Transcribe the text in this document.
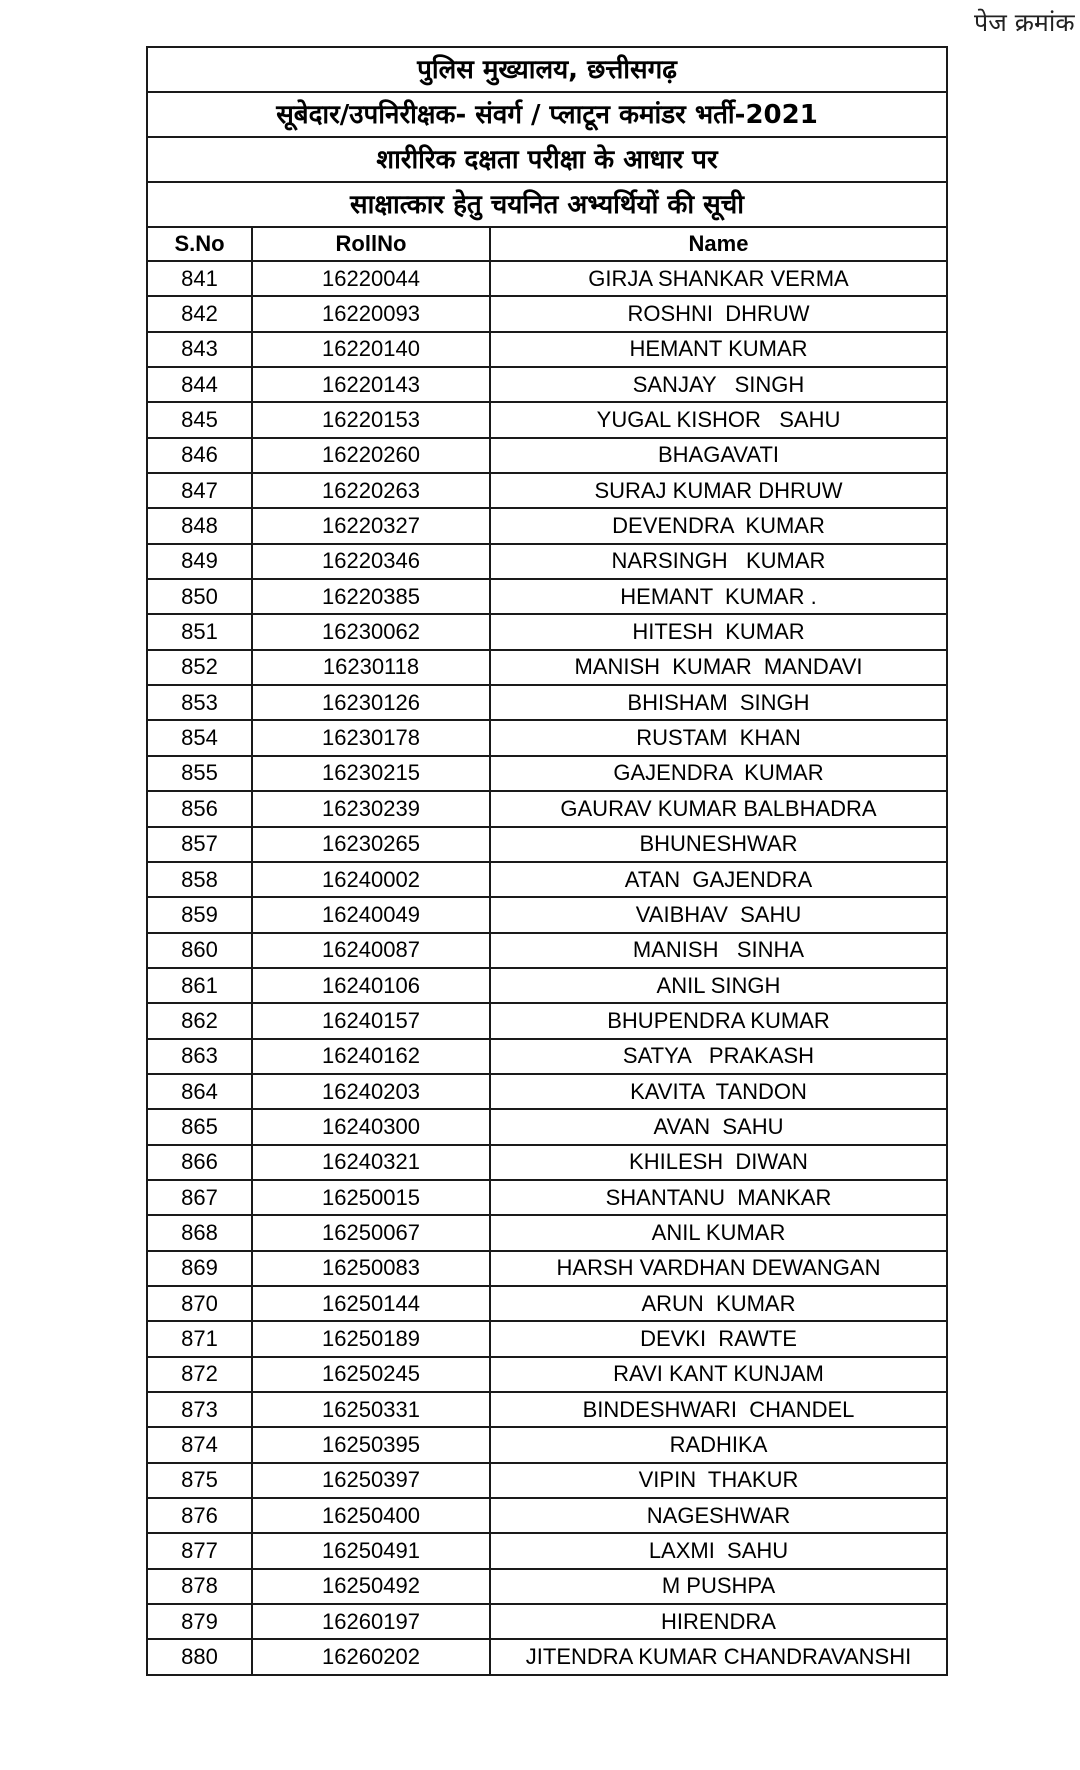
पेज क्रमांक
पुलिस मुख्यालय, छत्तीसगढ़		
सूबेदार/उपनिरीक्षक- संवर्ग / प्लाटून कमांडर भर्ती-2021		
शारीरिक दक्षता परीक्षा के आधार पर		
साक्षात्कार हेतु चयनित अभ्यर्थियों की सूची		
S.No	RollNo	Name
841	16220044	GIRJA SHANKAR VERMA
842	16220093	ROSHNI  DHRUW
843	16220140	HEMANT KUMAR
844	16220143	SANJAY   SINGH
845	16220153	YUGAL KISHOR   SAHU
846	16220260	BHAGAVATI
847	16220263	SURAJ KUMAR DHRUW
848	16220327	DEVENDRA  KUMAR
849	16220346	NARSINGH   KUMAR
850	16220385	HEMANT  KUMAR .
851	16230062	HITESH  KUMAR
852	16230118	MANISH  KUMAR  MANDAVI
853	16230126	BHISHAM  SINGH
854	16230178	RUSTAM  KHAN
855	16230215	GAJENDRA  KUMAR
856	16230239	GAURAV KUMAR BALBHADRA
857	16230265	BHUNESHWAR
858	16240002	ATAN  GAJENDRA
859	16240049	VAIBHAV  SAHU
860	16240087	MANISH   SINHA
861	16240106	ANIL SINGH
862	16240157	BHUPENDRA KUMAR
863	16240162	SATYA   PRAKASH
864	16240203	KAVITA  TANDON
865	16240300	AVAN  SAHU
866	16240321	KHILESH  DIWAN
867	16250015	SHANTANU  MANKAR
868	16250067	ANIL KUMAR
869	16250083	HARSH VARDHAN DEWANGAN
870	16250144	ARUN  KUMAR
871	16250189	DEVKI  RAWTE
872	16250245	RAVI KANT KUNJAM
873	16250331	BINDESHWARI  CHANDEL
874	16250395	RADHIKA
875	16250397	VIPIN  THAKUR
876	16250400	NAGESHWAR
877	16250491	LAXMI  SAHU
878	16250492	M PUSHPA
879	16260197	HIRENDRA
880	16260202	JITENDRA KUMAR CHANDRAVANSHI
